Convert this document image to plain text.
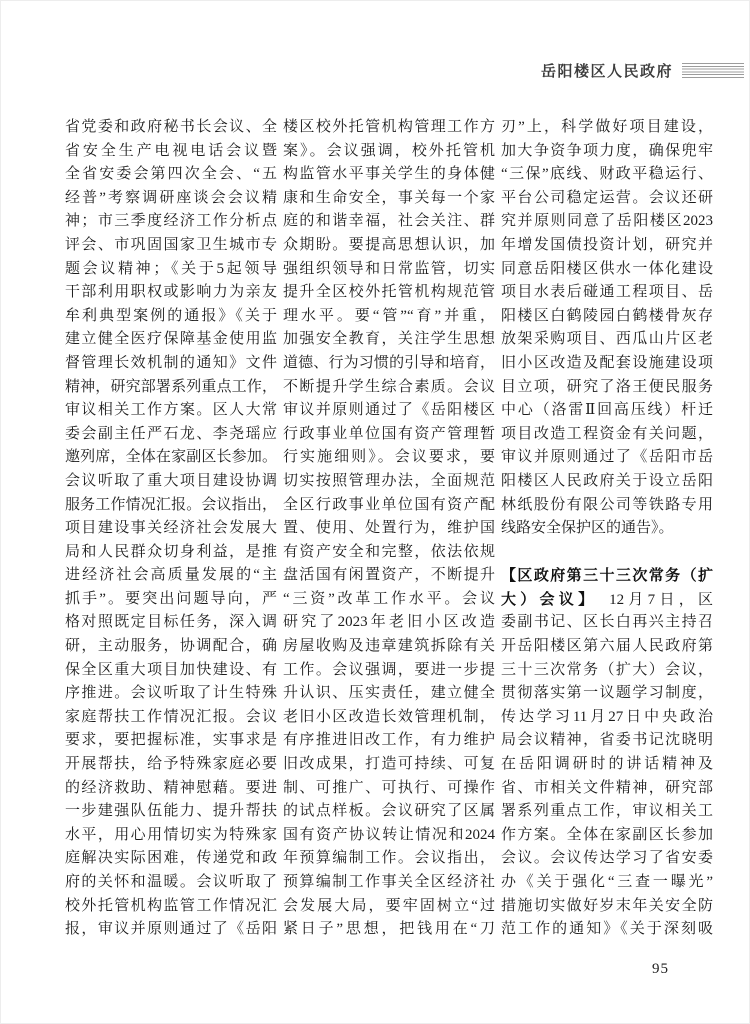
岳阳楼区人民政府
省党委和政府秘书长会议、全
省安全生产电视电话会议暨
全省安委会第四次全会、“五
经普”考察调研座谈会会议精
神；市三季度经济工作分析点
评会、市巩固国家卫生城市专
题会议精神；《关于5起领导
干部利用职权或影响力为亲友
牟利典型案例的通报》《关于
建立健全医疗保障基金使用监
督管理长效机制的通知》文件
精神，研究部署系列重点工作，
审议相关工作方案。区人大常
委会副主任严石龙、李尧瑶应
邀列席，全体在家副区长参加。
会议听取了重大项目建设协调
服务工作情况汇报。会议指出，
项目建设事关经济社会发展大
局和人民群众切身利益，是推
进经济社会高质量发展的“主
抓手”。要突出问题导向，严
格对照既定目标任务，深入调
研，主动服务，协调配合，确
保全区重大项目加快建设、有
序推进。会议听取了计生特殊
家庭帮扶工作情况汇报。会议
要求，要把握标准，实事求是
开展帮扶，给予特殊家庭必要
的经济救助、精神慰藉。要进
一步建强队伍能力、提升帮扶
水平，用心用情切实为特殊家
庭解决实际困难，传递党和政
府的关怀和温暖。会议听取了
校外托管机构监管工作情况汇
报，审议并原则通过了《岳阳
楼区校外托管机构管理工作方
案》。会议强调，校外托管机
构监管水平事关学生的身体健
康和生命安全，事关每一个家
庭的和谐幸福，社会关注、群
众期盼。要提高思想认识，加
强组织领导和日常监管，切实
提升全区校外托管机构规范管
理水平。要“管”“育”并重，
加强安全教育，关注学生思想
道德、行为习惯的引导和培育，
不断提升学生综合素质。会议
审议并原则通过了《岳阳楼区
行政事业单位国有资产管理暂
行实施细则》。会议要求，要
切实按照管理办法，全面规范
全区行政事业单位国有资产配
置、使用、处置行为，维护国
有资产安全和完整，依法依规
盘活国有闲置资产，不断提升
“三资”改革工作水平。会议
研究了2023年老旧小区改造
房屋收购及违章建筑拆除有关
工作。会议强调，要进一步提
升认识、压实责任，建立健全
老旧小区改造长效管理机制，
有序推进旧改工作，有力维护
旧改成果，打造可持续、可复
制、可推广、可执行、可操作
的试点样板。会议研究了区属
国有资产协议转让情况和2024
年预算编制工作。会议指出，
预算编制工作事关全区经济社
会发展大局，要牢固树立“过
紧日子”思想，把钱用在“刀
刃”上，科学做好项目建设，
加大争资争项力度，确保兜牢
“三保”底线、财政平稳运行、
平台公司稳定运营。会议还研
究并原则同意了岳阳楼区2023
年增发国债投资计划，研究并
同意岳阳楼区供水一体化建设
项目水表后碰通工程项目、岳
阳楼区白鹤陵园白鹤楼骨灰存
放架采购项目、西瓜山片区老
旧小区改造及配套设施建设项
目立项，研究了洛王便民服务
中心（洛雷Ⅱ回高压线）杆迁
项目改造工程资金有关问题，
审议并原则通过了《岳阳市岳
阳楼区人民政府关于设立岳阳
林纸股份有限公司等铁路专用
线路安全保护区的通告》。
【区政府第三十三次常务（扩
大）会议】　12月7日，区
委副书记、区长白再兴主持召
开岳阳楼区第六届人民政府第
三十三次常务（扩大）会议，
贯彻落实第一议题学习制度，
传达学习11月27日中央政治
局会议精神，省委书记沈晓明
在岳阳调研时的讲话精神及
省、市相关文件精神，研究部
署系列重点工作，审议相关工
作方案。全体在家副区长参加
会议。会议传达学习了省安委
办《关于强化“三查一曝光”
措施切实做好岁末年关安全防
范工作的通知》《关于深刻吸
95
